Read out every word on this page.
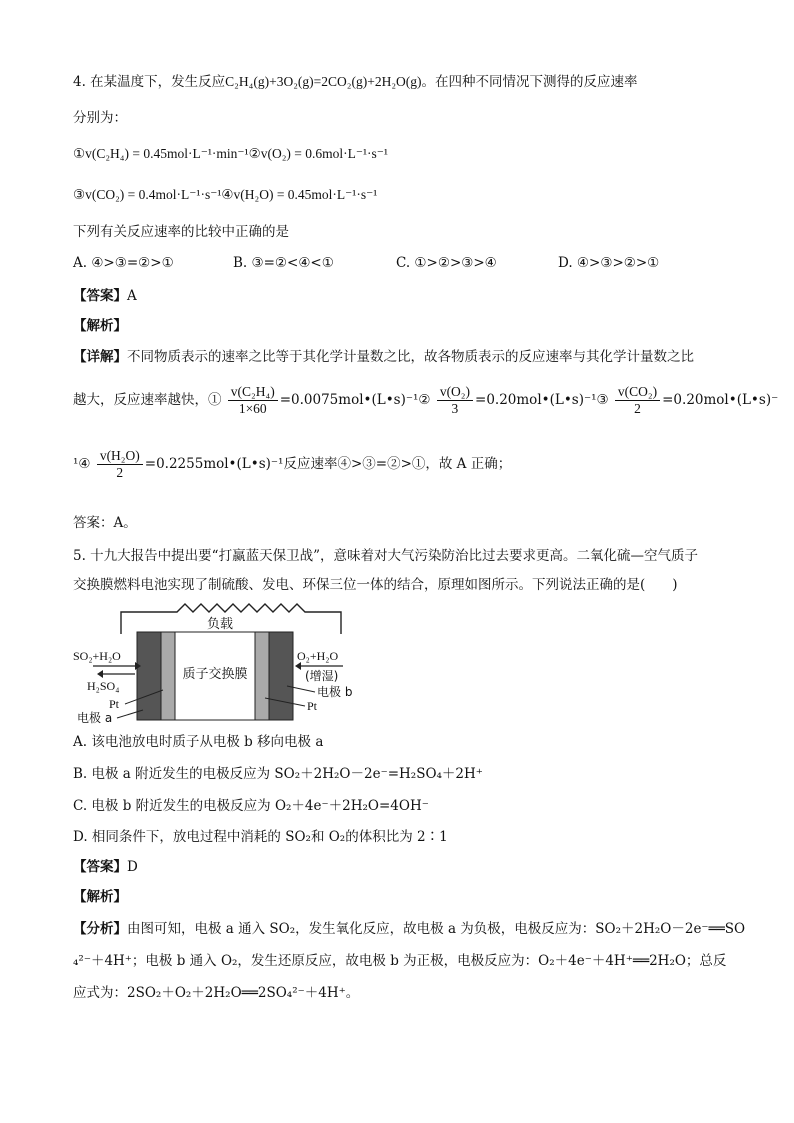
4. 在某温度下，发生反应C₂H₄(g)+3O₂(g)=2CO₂(g)+2H₂O(g)。在四种不同情况下测得的反应速率
分别为：
①v(C₂H₄) = 0.45mol·L⁻¹·min⁻¹②v(O₂) = 0.6mol·L⁻¹·s⁻¹
③v(CO₂) = 0.4mol·L⁻¹·s⁻¹④v(H₂O) = 0.45mol·L⁻¹·s⁻¹
下列有关反应速率的比较中正确的是
A. ④>③=②>①	B. ③=②<④<①	C. ①>②>③>④	D. ④>③>②>①
【答案】A
【解析】
【详解】不同物质表示的速率之比等于其化学计量数之比，故各物质表示的反应速率与其化学计量数之比
越大，反应速率越快，① $\frac{\text{v(C₂H₄)}}{1\times 60}$ =0.0075mol•(L•s)⁻¹② $\frac{\text{v(O₂)}}{3}$ =0.20mol•(L•s)⁻¹③ $\frac{\text{v(CO₂)}}{2}$ =0.20mol•(L•s)⁻
¹④ $\frac{\text{v(H₂O)}}{2}$ =0.2255mol•(L•s)⁻¹反应速率④>③=②>①，故 A 正确；
答案：A。
5. 十九大报告中提出要“打赢蓝天保卫战”，意味着对大气污染防治比过去要求更高。二氧化硫—空气质子
交换膜燃料电池实现了制硫酸、发电、环保三位一体的结合，原理如图所示。下列说法正确的是(　　)
负载
质子交换膜
SO₂+H₂O
H₂SO₄
Pt
电极 a
O₂+H₂O
(增湿)
电极 b
Pt
A. 该电池放电时质子从电极 b 移向电极 a
B. 电极 a 附近发生的电极反应为 SO₂＋2H₂O－2e⁻=H₂SO₄＋2H⁺
C. 电极 b 附近发生的电极反应为 O₂＋4e⁻＋2H₂O=4OH⁻
D. 相同条件下，放电过程中消耗的 SO₂和 O₂的体积比为 2∶1
【答案】D
【解析】
【分析】由图可知，电极 a 通入 SO₂，发生氧化反应，故电极 a 为负极，电极反应为：SO₂＋2H₂O－2e⁻══SO
₄²⁻＋4H⁺；电极 b 通入 O₂，发生还原反应，故电极 b 为正极，电极反应为：O₂＋4e⁻＋4H⁺══2H₂O；总反
应式为：2SO₂＋O₂＋2H₂O══2SO₄²⁻＋4H⁺。
